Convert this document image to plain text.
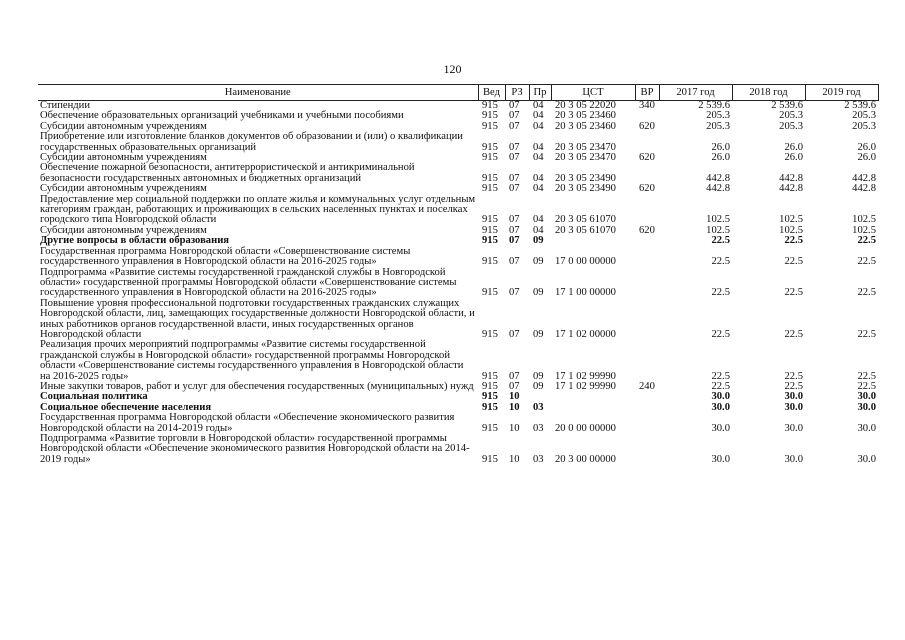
120
Наименование	Вед	РЗ	Пр	ЦСТ	ВР	2017 год	2018 год	2019 год
Стипендии	915	07	04	20 3 05 22020	340	2 539.6	2 539.6	2 539.6
Обеспечение образовательных организаций учебниками и учебными пособиями	915	07	04	20 3 05 23460		205.3	205.3	205.3
Субсидии автономным учреждениям	915	07	04	20 3 05 23460	620	205.3	205.3	205.3
Приобретение или изготовление бланков документов об образовании и (или) о квалификации государственных образовательных организаций	915	07	04	20 3 05 23470		26.0	26.0	26.0
Субсидии автономным учреждениям	915	07	04	20 3 05 23470	620	26.0	26.0	26.0
Обеспечение пожарной безопасности, антитеррористической и антикриминальной безопасности государственных автономных и бюджетных организаций	915	07	04	20 3 05 23490		442.8	442.8	442.8
Субсидии автономным учреждениям	915	07	04	20 3 05 23490	620	442.8	442.8	442.8
Предоставление мер социальной поддержки по оплате жилья и коммунальных услуг отдельным категориям граждан, работающих и проживающих в сельских населенных пунктах и поселках городского типа Новгородской области	915	07	04	20 3 05 61070		102.5	102.5	102.5
Субсидии автономным учреждениям	915	07	04	20 3 05 61070	620	102.5	102.5	102.5
Другие вопросы в области образования	915	07	09			22.5	22.5	22.5
Государственная программа Новгородской области «Совершенствование системы государственного управления в Новгородской области на 2016-2025 годы»	915	07	09	17 0 00 00000		22.5	22.5	22.5
Подпрограмма «Развитие системы государственной гражданской службы в Новгородской области» государственной программы Новгородской области «Совершенствование системы государственного управления в Новгородской области на 2016-2025 годы»	915	07	09	17 1 00 00000		22.5	22.5	22.5
Повышение уровня профессиональной подготовки государственных гражданских служащих Новгородской области, лиц, замещающих государственные должности Новгородской области, и иных работников органов государственной власти, иных государственных органов Новгородской области	915	07	09	17 1 02 00000		22.5	22.5	22.5
Реализация прочих мероприятий подпрограммы «Развитие системы государственной гражданской службы в Новгородской области» государственной программы Новгородской области «Совершенствование системы государственного управления в Новгородской области на 2016-2025 годы»	915	07	09	17 1 02 99990		22.5	22.5	22.5
Иные закупки товаров, работ и услуг для обеспечения государственных (муниципальных) нужд	915	07	09	17 1 02 99990	240	22.5	22.5	22.5
Социальная политика	915	10				30.0	30.0	30.0
Социальное обеспечение населения	915	10	03			30.0	30.0	30.0
Государственная программа Новгородской области «Обеспечение экономического развития Новгородской области на 2014-2019 годы»	915	10	03	20 0 00 00000		30.0	30.0	30.0
Подпрограмма «Развитие торговли в Новгородской области» государственной программы Новгородской области «Обеспечение экономического развития Новгородской области на 2014-2019 годы»	915	10	03	20 3 00 00000		30.0	30.0	30.0
